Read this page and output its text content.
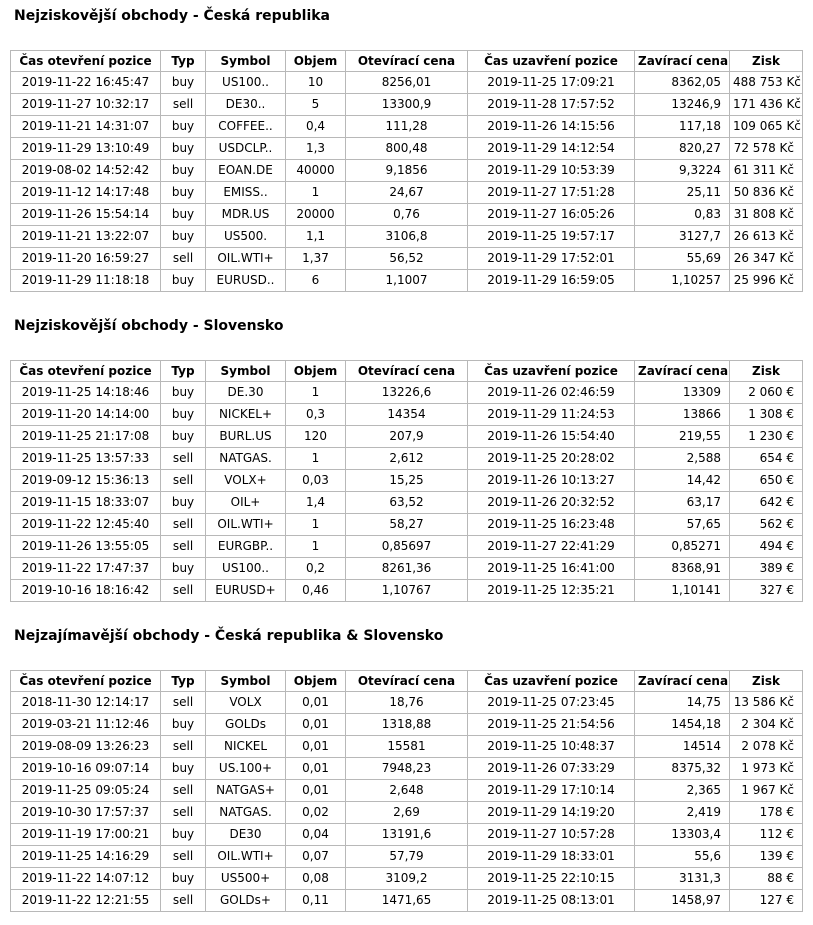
Nejziskovější obchody - Česká republika
Čas otevření pozice	Typ	Symbol	Objem	Otevírací cena	Čas uzavření pozice	Zavírací cena	Zisk
2019-11-22 16:45:47	buy	US100..	10	8256,01	2019-11-25 17:09:21	8362,05	488 753 Kč
2019-11-27 10:32:17	sell	DE30..	5	13300,9	2019-11-28 17:57:52	13246,9	171 436 Kč
2019-11-21 14:31:07	buy	COFFEE..	0,4	111,28	2019-11-26 14:15:56	117,18	109 065 Kč
2019-11-29 13:10:49	buy	USDCLP..	1,3	800,48	2019-11-29 14:12:54	820,27	72 578 Kč
2019-08-02 14:52:42	buy	EOAN.DE	40000	9,1856	2019-11-29 10:53:39	9,3224	61 311 Kč
2019-11-12 14:17:48	buy	EMISS..	1	24,67	2019-11-27 17:51:28	25,11	50 836 Kč
2019-11-26 15:54:14	buy	MDR.US	20000	0,76	2019-11-27 16:05:26	0,83	31 808 Kč
2019-11-21 13:22:07	buy	US500.	1,1	3106,8	2019-11-25 19:57:17	3127,7	26 613 Kč
2019-11-20 16:59:27	sell	OIL.WTI+	1,37	56,52	2019-11-29 17:52:01	55,69	26 347 Kč
2019-11-29 11:18:18	buy	EURUSD..	6	1,1007	2019-11-29 16:59:05	1,10257	25 996 Kč
Nejziskovější obchody - Slovensko
Čas otevření pozice	Typ	Symbol	Objem	Otevírací cena	Čas uzavření pozice	Zavírací cena	Zisk
2019-11-25 14:18:46	buy	DE.30	1	13226,6	2019-11-26 02:46:59	13309	2 060 €
2019-11-20 14:14:00	buy	NICKEL+	0,3	14354	2019-11-29 11:24:53	13866	1 308 €
2019-11-25 21:17:08	buy	BURL.US	120	207,9	2019-11-26 15:54:40	219,55	1 230 €
2019-11-25 13:57:33	sell	NATGAS.	1	2,612	2019-11-25 20:28:02	2,588	654 €
2019-09-12 15:36:13	sell	VOLX+	0,03	15,25	2019-11-26 10:13:27	14,42	650 €
2019-11-15 18:33:07	buy	OIL+	1,4	63,52	2019-11-26 20:32:52	63,17	642 €
2019-11-22 12:45:40	sell	OIL.WTI+	1	58,27	2019-11-25 16:23:48	57,65	562 €
2019-11-26 13:55:05	sell	EURGBP..	1	0,85697	2019-11-27 22:41:29	0,85271	494 €
2019-11-22 17:47:37	buy	US100..	0,2	8261,36	2019-11-25 16:41:00	8368,91	389 €
2019-10-16 18:16:42	sell	EURUSD+	0,46	1,10767	2019-11-25 12:35:21	1,10141	327 €
Nejzajímavější obchody - Česká republika & Slovensko
Čas otevření pozice	Typ	Symbol	Objem	Otevírací cena	Čas uzavření pozice	Zavírací cena	Zisk
2018-11-30 12:14:17	sell	VOLX	0,01	18,76	2019-11-25 07:23:45	14,75	13 586 Kč
2019-03-21 11:12:46	buy	GOLDs	0,01	1318,88	2019-11-25 21:54:56	1454,18	2 304 Kč
2019-08-09 13:26:23	sell	NICKEL	0,01	15581	2019-11-25 10:48:37	14514	2 078 Kč
2019-10-16 09:07:14	buy	US.100+	0,01	7948,23	2019-11-26 07:33:29	8375,32	1 973 Kč
2019-11-25 09:05:24	sell	NATGAS+	0,01	2,648	2019-11-29 17:10:14	2,365	1 967 Kč
2019-10-30 17:57:37	sell	NATGAS.	0,02	2,69	2019-11-29 14:19:20	2,419	178 €
2019-11-19 17:00:21	buy	DE30	0,04	13191,6	2019-11-27 10:57:28	13303,4	112 €
2019-11-25 14:16:29	sell	OIL.WTI+	0,07	57,79	2019-11-29 18:33:01	55,6	139 €
2019-11-22 14:07:12	buy	US500+	0,08	3109,2	2019-11-25 22:10:15	3131,3	88 €
2019-11-22 12:21:55	sell	GOLDs+	0,11	1471,65	2019-11-25 08:13:01	1458,97	127 €
